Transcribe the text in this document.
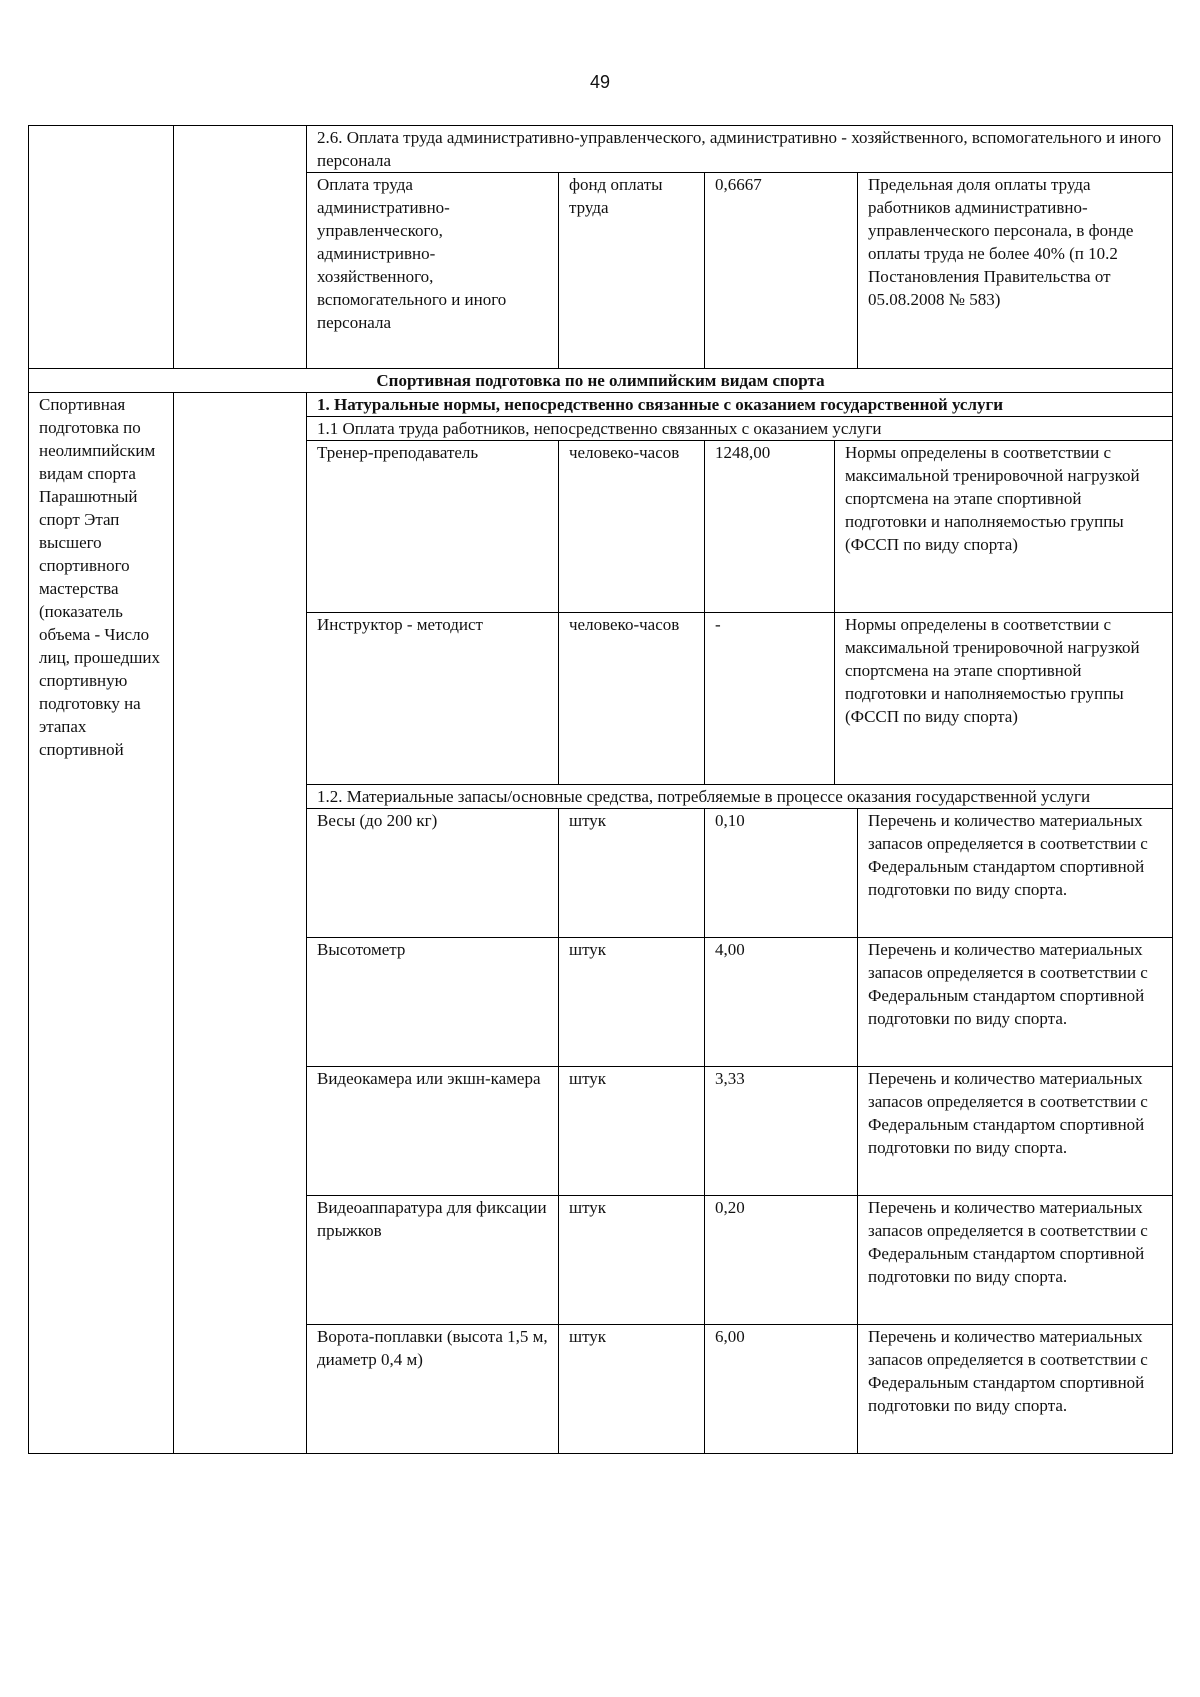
49
		2.6. Оплата труда административно-управленческого, административно - хозяйственного, вспомогательного и иного персонала				
		Оплата труда административно-управленческого, администривно-хозяйственного, вспомогательного и иного персонала	фонд оплаты труда	0,6667		Предельная доля оплаты труда работников административно-управленческого персонала, в фонде оплаты труда не более 40% (п 10.2 Постановления Правительства от 05.08.2008 № 583)
Спортивная подготовка по не олимпийским видам спорта						
Спортивная подготовка по неолимпийским видам спорта Парашютный спорт Этап высшего спортивного мастерства (показатель объема - Число лиц, прошедших спортивную подготовку на этапах спортивной		1. Натуральные нормы, непосредственно связанные с оказанием государственной услуги				
		1.1 Оплата труда работников, непосредственно связанных с оказанием услуги				
		Тренер-преподаватель	человеко-часов	1248,00	Нормы определены в соответствии с максимальной тренировочной нагрузкой спортсмена на этапе спортивной подготовки и наполняемостью группы (ФССП по виду спорта)	
		Инструктор - методист	человеко-часов	-	Нормы определены в соответствии с максимальной тренировочной нагрузкой спортсмена на этапе спортивной подготовки и наполняемостью группы (ФССП по виду спорта)	
		1.2. Материальные запасы/основные средства, потребляемые в процессе оказания государственной услуги				
		Весы (до 200 кг)	штук	0,10		Перечень и количество материальных запасов определяется в соответствии с Федеральным стандартом спортивной подготовки по виду спорта.
		Высотометр	штук	4,00		Перечень и количество материальных запасов определяется в соответствии с Федеральным стандартом спортивной подготовки по виду спорта.
		Видеокамера или экшн-камера	штук	3,33		Перечень и количество материальных запасов определяется в соответствии с Федеральным стандартом спортивной подготовки по виду спорта.
		Видеоаппаратура для фиксации прыжков	штук	0,20		Перечень и количество материальных запасов определяется в соответствии с Федеральным стандартом спортивной подготовки по виду спорта.
		Ворота-поплавки (высота 1,5 м, диаметр 0,4 м)	штук	6,00		Перечень и количество материальных запасов определяется в соответствии с Федеральным стандартом спортивной подготовки по виду спорта.
